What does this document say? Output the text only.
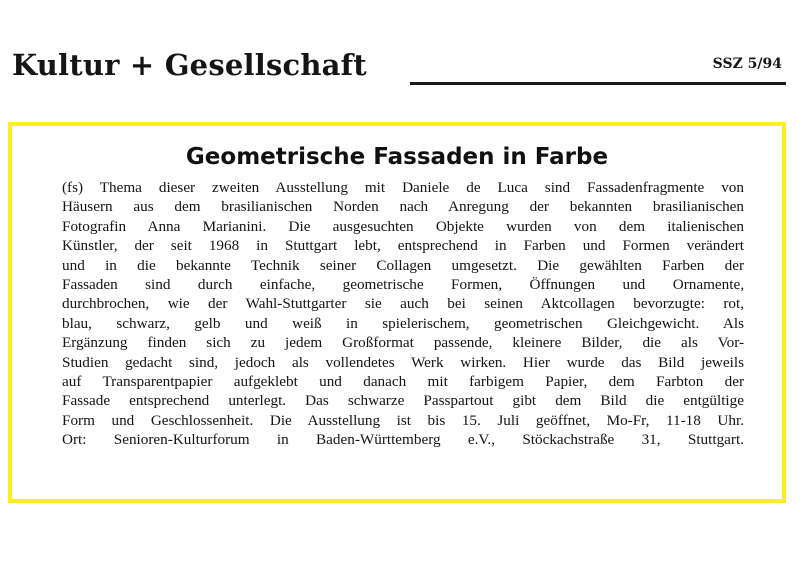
Kultur + Gesellschaft	SSZ 5/94
Geometrische Fassaden in Farbe
(fs) Thema dieser zweiten Ausstellung mit Daniele de Luca sind Fassadenfragmente von
Häusern aus dem brasilianischen Norden nach Anregung der bekannten brasilianischen
Fotografin Anna Marianini. Die ausgesuchten Objekte wurden von dem italienischen
Künstler, der seit 1968 in Stuttgart lebt, entsprechend in Farben und Formen verändert
und in die bekannte Technik seiner Collagen umgesetzt. Die gewählten Farben der
Fassaden sind durch einfache, geometrische Formen, Öffnungen und Ornamente,
durchbrochen, wie der Wahl-Stuttgarter sie auch bei seinen Aktcollagen bevorzugte: rot,
blau, schwarz, gelb und weiß in spielerischem, geometrischen Gleichgewicht. Als
Ergänzung finden sich zu jedem Großformat passende, kleinere Bilder, die als Vor-
Studien gedacht sind, jedoch als vollendetes Werk wirken. Hier wurde das Bild jeweils
auf Transparentpapier aufgeklebt und danach mit farbigem Papier, dem Farbton der
Fassade entsprechend unterlegt. Das schwarze Passpartout gibt dem Bild die entgültige
Form und Geschlossenheit. Die Ausstellung ist bis 15. Juli geöffnet, Mo-Fr, 11-18 Uhr.
Ort: Senioren-Kulturforum in Baden-Württemberg e.V., Stöckachstraße 31, Stuttgart.
